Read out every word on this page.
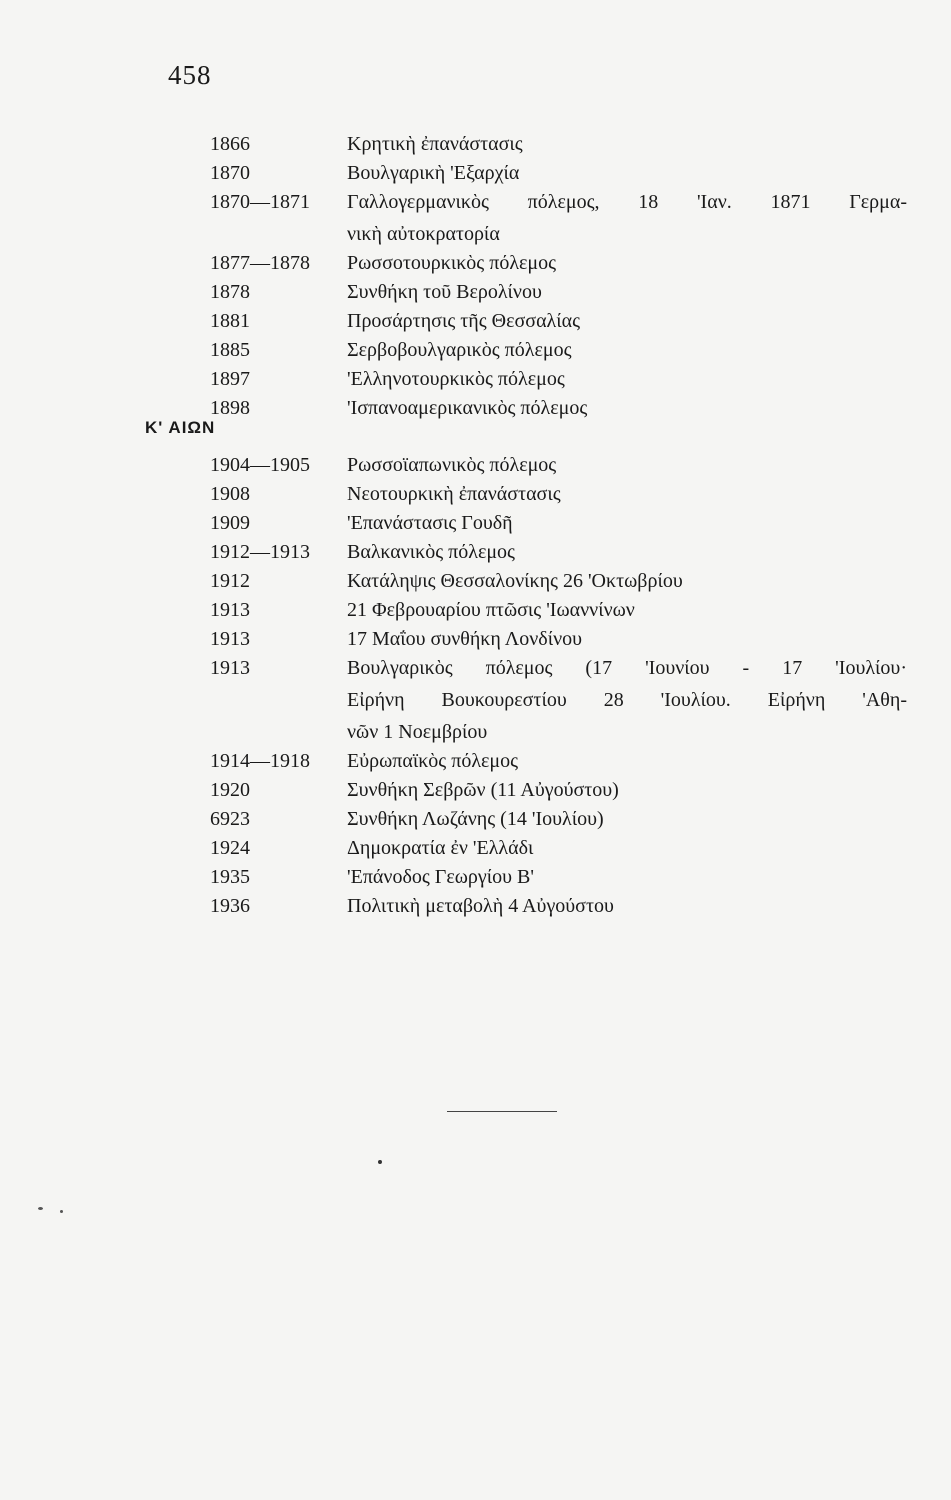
458
1866	Κρητικὴ ἐπανάστασις
1870	Βουλγαρικὴ 'Εξαρχία
1870—1871 Γαλλογερμανικὸς πόλεμος, 18 'Ιαν. 1871 Γερμα-
νικὴ αὐτοκρατορία
1877—1878 Ρωσσοτουρκικὸς πόλεμος
1878	Συνθήκη τοῦ Βερολίνου
1881	Προσάρτησις τῆς Θεσσαλίας
1885	Σερβοβουλγαρικὸς πόλεμος
1897	'Ελληνοτουρκικὸς πόλεμος
1898	'Ισπανοαμερικανικὸς πόλεμος
1904—1905 Ρωσσοϊαπωνικὸς πόλεμος
1908	Νεοτουρκικὴ ἐπανάστασις
1909	'Επανάστασις Γουδῆ
1912—1913 Βαλκανικὸς πόλεμος
1912	Κατάληψις Θεσσαλονίκης 26 'Οκτωβρίου
1913	21 Φεβρουαρίου πτῶσις 'Ιωαννίνων
1913	17 Μαΐου συνθήκη Λονδίνου
1913	Βουλγαρικὸς πόλεμος (17 'Ιουνίου - 17 'Ιουλίου·
Εἰρήνη Βουκουρεστίου 28 'Ιουλίου. Εἰρήνη 'Αθη-
νῶν 1 Νοεμβρίου
1914—1918 Εὐρωπαϊκὸς πόλεμος
1920	Συνθήκη Σεβρῶν (11 Αὐγούστου)
6923	Συνθήκη Λωζάνης (14 'Ιουλίου)
1924	Δημοκρατία ἐν 'Ελλάδι
1935	'Επάνοδος Γεωργίου Β'
1936	Πολιτικὴ μεταβολὴ 4 Αὐγούστου
Κ' ΑΙΩΝ
